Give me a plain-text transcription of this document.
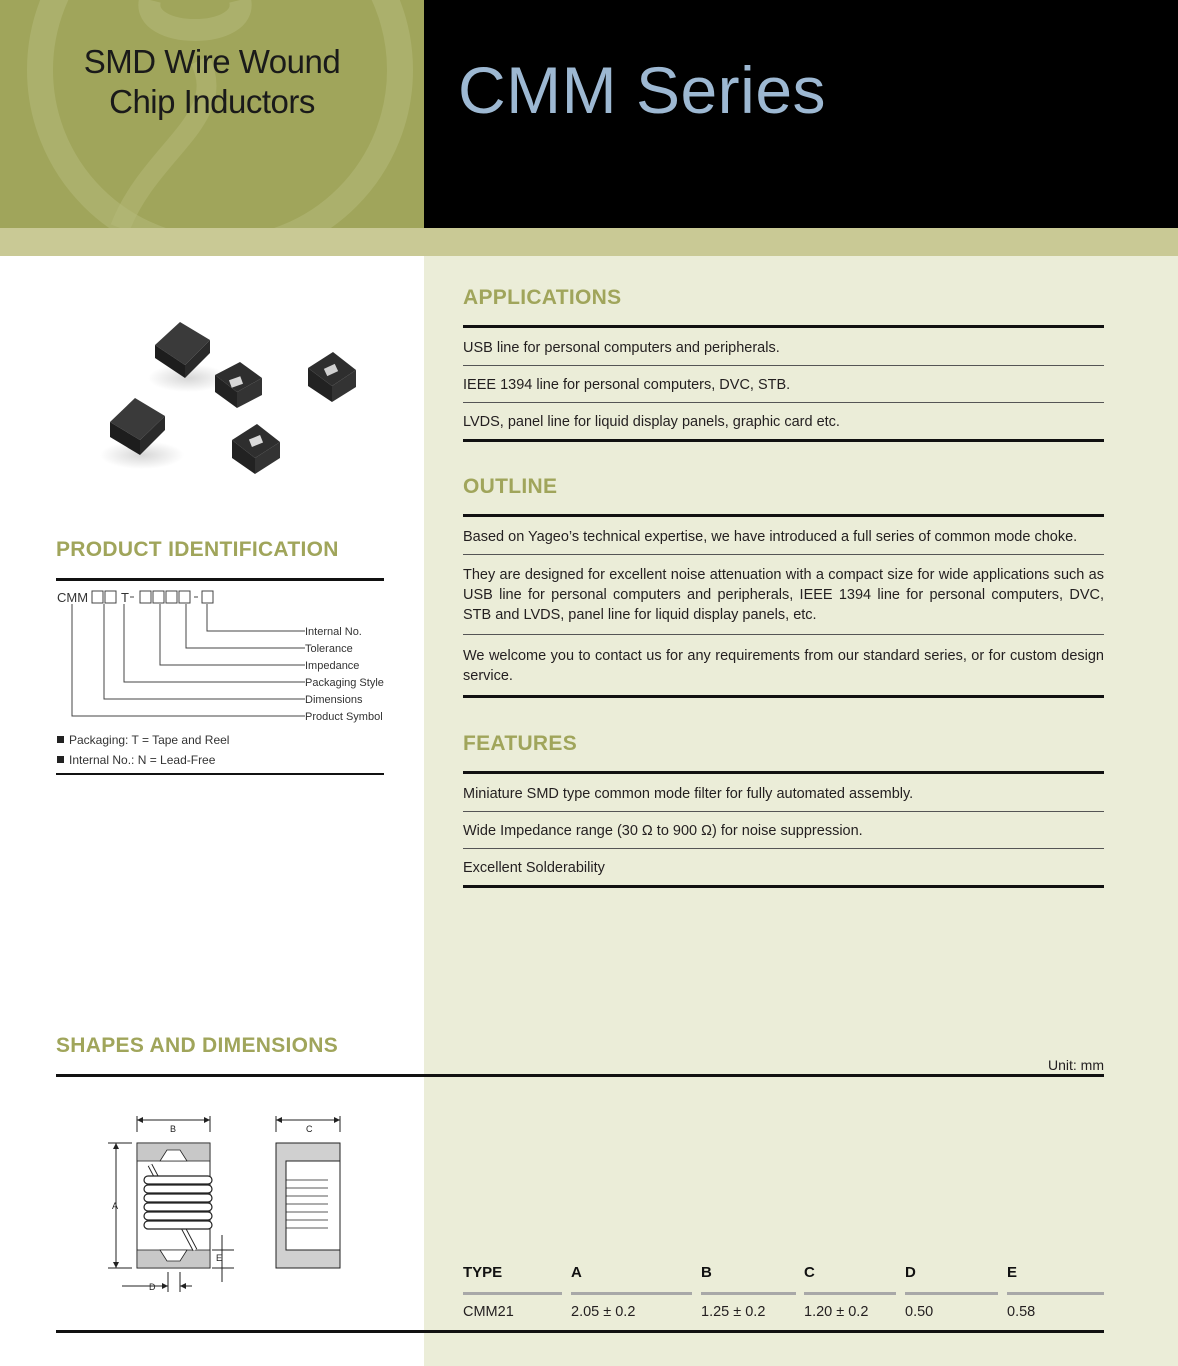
SMD Wire Wound
Chip Inductors	CMM Series
APPLICATIONS
USB line for personal computers and peripherals.
IEEE 1394 line for personal computers, DVC, STB.
LVDS, panel line for liquid display panels, graphic card etc.
OUTLINE
Based on Yageo’s technical expertise, we have introduced a full series of common mode choke.
They are designed for excellent noise attenuation with a compact size for wide applications such as USB line for personal computers and peripherals, IEEE 1394 line for personal computers, DVC, STB and LVDS, panel line for liquid display panels, etc.
We welcome you to contact us for any requirements from our standard series, or for custom design service.
FEATURES
Miniature SMD type common mode filter for fully automated assembly.
Wide Impedance range (30 Ω to 900 Ω) for noise suppression.
Excellent Solderability
PRODUCT IDENTIFICATION
CMM	T
Internal No.
Tolerance
Impedance
Packaging Style
Dimensions
Product Symbol
Packaging: T = Tape and Reel
Internal No.: N = Lead-Free
SHAPES AND DIMENSIONS
Unit: mm
B
A
C
E
D
TYPE	A	B	C	D	E
CMM21	2.05 ± 0.2	1.25 ± 0.2	1.20 ± 0.2	0.50	0.58
